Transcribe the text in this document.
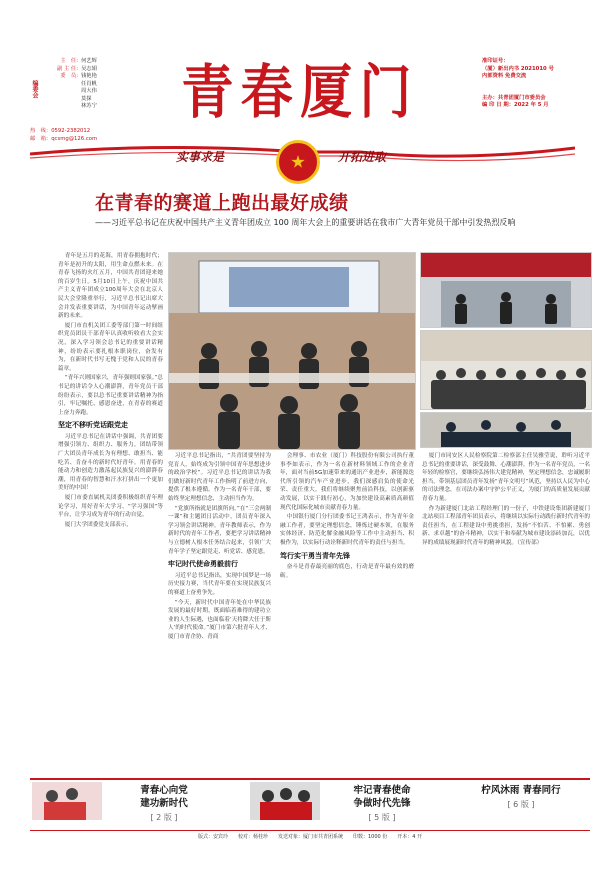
编委会
主　任: 何艺辉
副 主 任: 吴志娟
委　员: 钱艳艳
任肖帆
周大伟
莫探
林苏宁
热　线：0592-2382012
邮　箱：qcsmg@126.com
青春厦门	准印证号：
（厦）新出内书 2021010 号
内部资料 免费交流
主办：共青团厦门市委员会
编 印 日 期：2022 年 5 月
实事求是	开拓进取
在青春的赛道上跑出最好成绩
——习近平总书记在庆祝中国共产主义青年团成立 100 周年大会上的重要讲话在我市广大青年党员干部中引发热烈反响

青年是五月的花海，用青春拥抱时代；青年是初升的太阳，用生命点燃未来。在青春飞扬的火红五月，中国共青团迎来她的百岁生日。5月10日上午，庆祝中国共产主义青年团成立100周年大会在北京人民大会堂隆重举行，习近平总书记出席大会并发表重要讲话，为中国青年运动擘画新的未来。

厦门市直机关团工委等部门第一时间组织党员团员干部青年认真收听收看大会实况，深入学习领会总书记的重要讲话精神，纷纷表示要扎根本职岗位，奋发有为，在新时代书写无愧于党和人民的青春篇章。

“青年兴则国家兴，青年强则国家强。”总书记的讲话令人心潮澎湃，青年党员干部纷纷表示，要以总书记重要讲话精神为指引，牢记嘱托、感恩奋进，在青春的赛道上奋力奔跑。

坚定不移听党话跟党走

习近平总书记在讲话中强调，共青团要增强引领力、组织力、服务力，团结带领广大团员青年成长为有理想、敢担当、能吃苦、肯奋斗的新时代好青年。用青春的能动力和创造力激荡起民族复兴的澎湃春潮，用青春的智慧和汗水打拼出一个更加美好的中国！

厦门市委直属机关团委积极组织青年理论学习，用好青年大学习、“学习强国”等平台，让学习成为青年的行动自觉。

厦门大学团委党支部表示，

习近平总书记指出，“共青团要坚持为党育人，始终成为引领中国青年思想进步的政治学校”。习近平总书记的讲话为我们做好新时代青年工作指明了前进方向，提供了根本遵循。作为一名青年干部，要始终坚定理想信念，主动担当作为。

“党旗所指就是团旗所向。”在“三会两制一课”和主题团日活动中，团员青年深入学习领会讲话精神。青年教师表示，作为新时代的青年工作者，要把学习讲话精神与立德树人根本任务结合起来，引领广大青年学子坚定跟党走、听党话、感党恩。

牢记时代使命勇毅前行

习近平总书记指出，实现中国梦是一场历史接力赛，当代青年要在实现民族复兴的赛道上奋勇争先。

“今天，新时代中国青年处在中华民族发展的最好时期，既面临着难得的建功立业的人生际遇，也面临着‘天将降大任于斯人’的时代使命。”厦门市第六批青年人才、厦门市青企协、青商

会理事、市农业（厦门）科技股份有限公司执行董事李如表示，作为一名在新材料领域工作的企业青年，面对当前5G加速带来的通讯产业进步，新能源迭代所引领的汽车产业进步，我们深感肩负的使命光荣、责任重大。我们将继续聚焦前沿科技，以创新驱动发展，以实干践行初心，为加快建设高素质高颜值现代化国际化城市贡献青春力量。

中国银行厦门分行团委书记王鸿表示，作为青年金融工作者，要坚定理想信念，锤炼过硬本领，在服务实体经济、防范化解金融风险等工作中主动担当、积极作为，以实际行动诠释新时代青年的责任与担当。

笃行实干勇当青年先锋

奋斗是青春最亮丽的底色，行动是青年最有效的磨砺。

厦门市同安区人民检察院第二检察部主任吴雅莹说，聆听习近平总书记的重要讲话，深受鼓舞、心潮澎湃。作为一名青年党员，一名年轻的检察官，要继续弘扬伟大建党精神，坚定理想信念，忠诚履职担当。带领基层团员青年发扬“青年文明号”风范，坚持以人民为中心的司法理念，在司法办案中守护公平正义，为厦门的高质量发展贡献青春力量。

作为新建厦门北站工程经理门的一份子，中铁建设集团新建厦门北站项目工程部青年团员表示，将继续以实际行动践行新时代青年的责任担当，在工程建设中勇挑重担，发扬“不怕苦、不怕累、勇创新、求卓越”的奋斗精神，以实干和奉献为城市建设添砖加瓦，以优异的成绩展现新时代青年的精神风貌。（宣传部）

青春心向党
建功新时代
[ 2 版 ]
牢记青春使命
争做时代先锋
[ 5 版 ]
柠风沐雨 青春同行
[ 6 版 ]
版式：安宾玲　　校对：杨桂珍　　发送对象：厦门市共青团系统　　印数：1000 份　　开本：4 开
